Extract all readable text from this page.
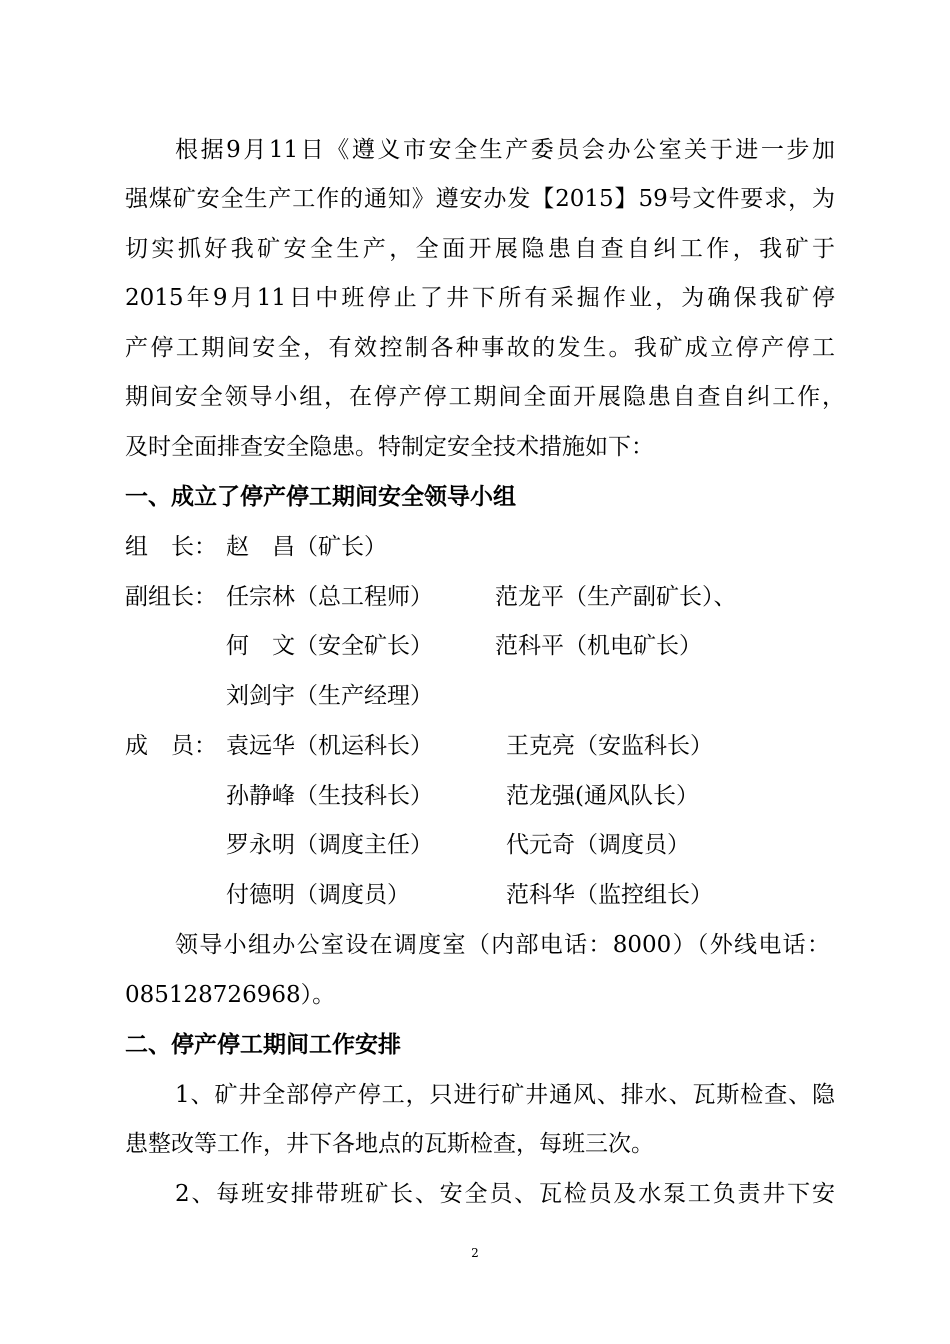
根据9月11日《遵义市安全生产委员会办公室关于进一步加
强煤矿安全生产工作的通知》遵安办发【2015】59号文件要求，为
切实抓好我矿安全生产，全面开展隐患自查自纠工作，我矿于
2015年9月11日中班停止了井下所有采掘作业，为确保我矿停
产停工期间安全，有效控制各种事故的发生。我矿成立停产停工
期间安全领导小组，在停产停工期间全面开展隐患自查自纠工作，
及时全面排查安全隐患。特制定安全技术措施如下：
一、成立了停产停工期间安全领导小组
组　长： 赵　昌（矿长）
副组长： 任宗林（总工程师）	范龙平（生产副矿长）、
何　文（安全矿长）	范科平（机电矿长）
刘剑宇（生产经理）
成　员： 袁远华（机运科长）	王克亮（安监科长）
孙静峰（生技科长）	范龙强(通风队长）
罗永明（调度主任）	代元奇（调度员）
付德明（调度员）	范科华（监控组长）
领导小组办公室设在调度室（内部电话：8000）（外线电话：
085128726968）。
二、停产停工期间工作安排
1、矿井全部停产停工，只进行矿井通风、排水、瓦斯检查、隐
患整改等工作，井下各地点的瓦斯检查，每班三次。
2、每班安排带班矿长、安全员、瓦检员及水泵工负责井下安
2
